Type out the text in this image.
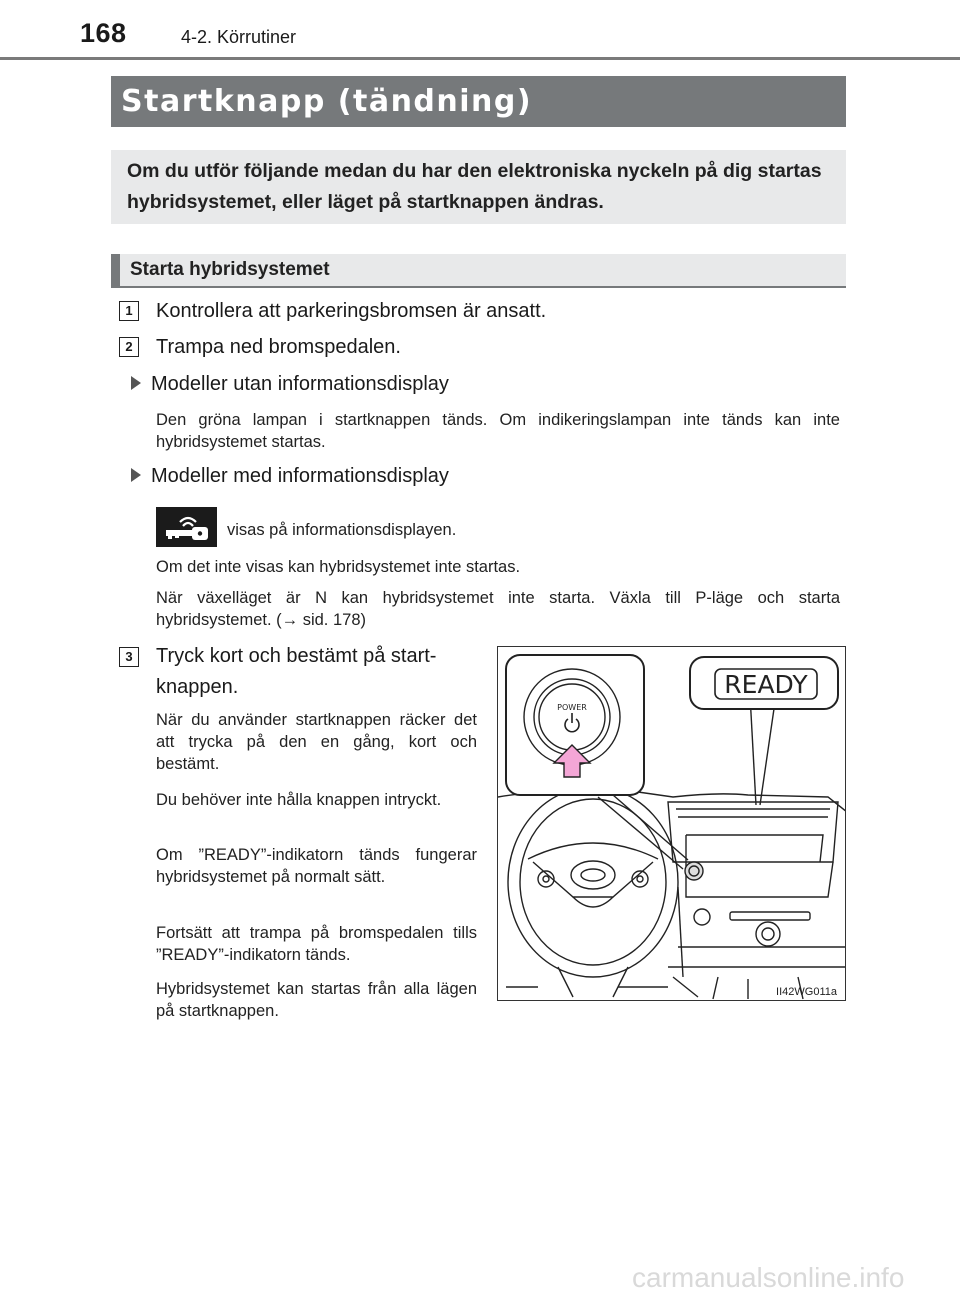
168	4-2. Körrutiner
Startknapp (tändning)
Om du utför följande medan du har den elektroniska nyckeln på dig startas hybridsystemet, eller läget på startknappen ändras.
Starta hybridsystemet
1	Kontrollera att parkeringsbromsen är ansatt.
2	Trampa ned bromspedalen.
Modeller utan informationsdisplay
Den gröna lampan i startknappen tänds. Om indikeringslampan inte tänds kan inte hybridsystemet startas.
Modeller med informationsdisplay
visas på informationsdisplayen.
Om det inte visas kan hybridsystemet inte startas.
När växelläget är N kan hybridsystemet inte starta. Växla till P-läge och starta hybridsystemet. (→ sid. 178)
3	Tryck kort och bestämt på start-
knappen.
När du använder startknappen räcker det att trycka på den en gång, kort och bestämt.
Du behöver inte hålla knappen intryckt.
Om ”READY”-indikatorn tänds fungerar hybridsystemet på normalt sätt.
Fortsätt att trampa på bromspedalen tills ”READY”-indikatorn tänds.
Hybridsystemet kan startas från alla lägen på startknappen.
POWER
READY
II42WG011a
carmanualsonline.info
